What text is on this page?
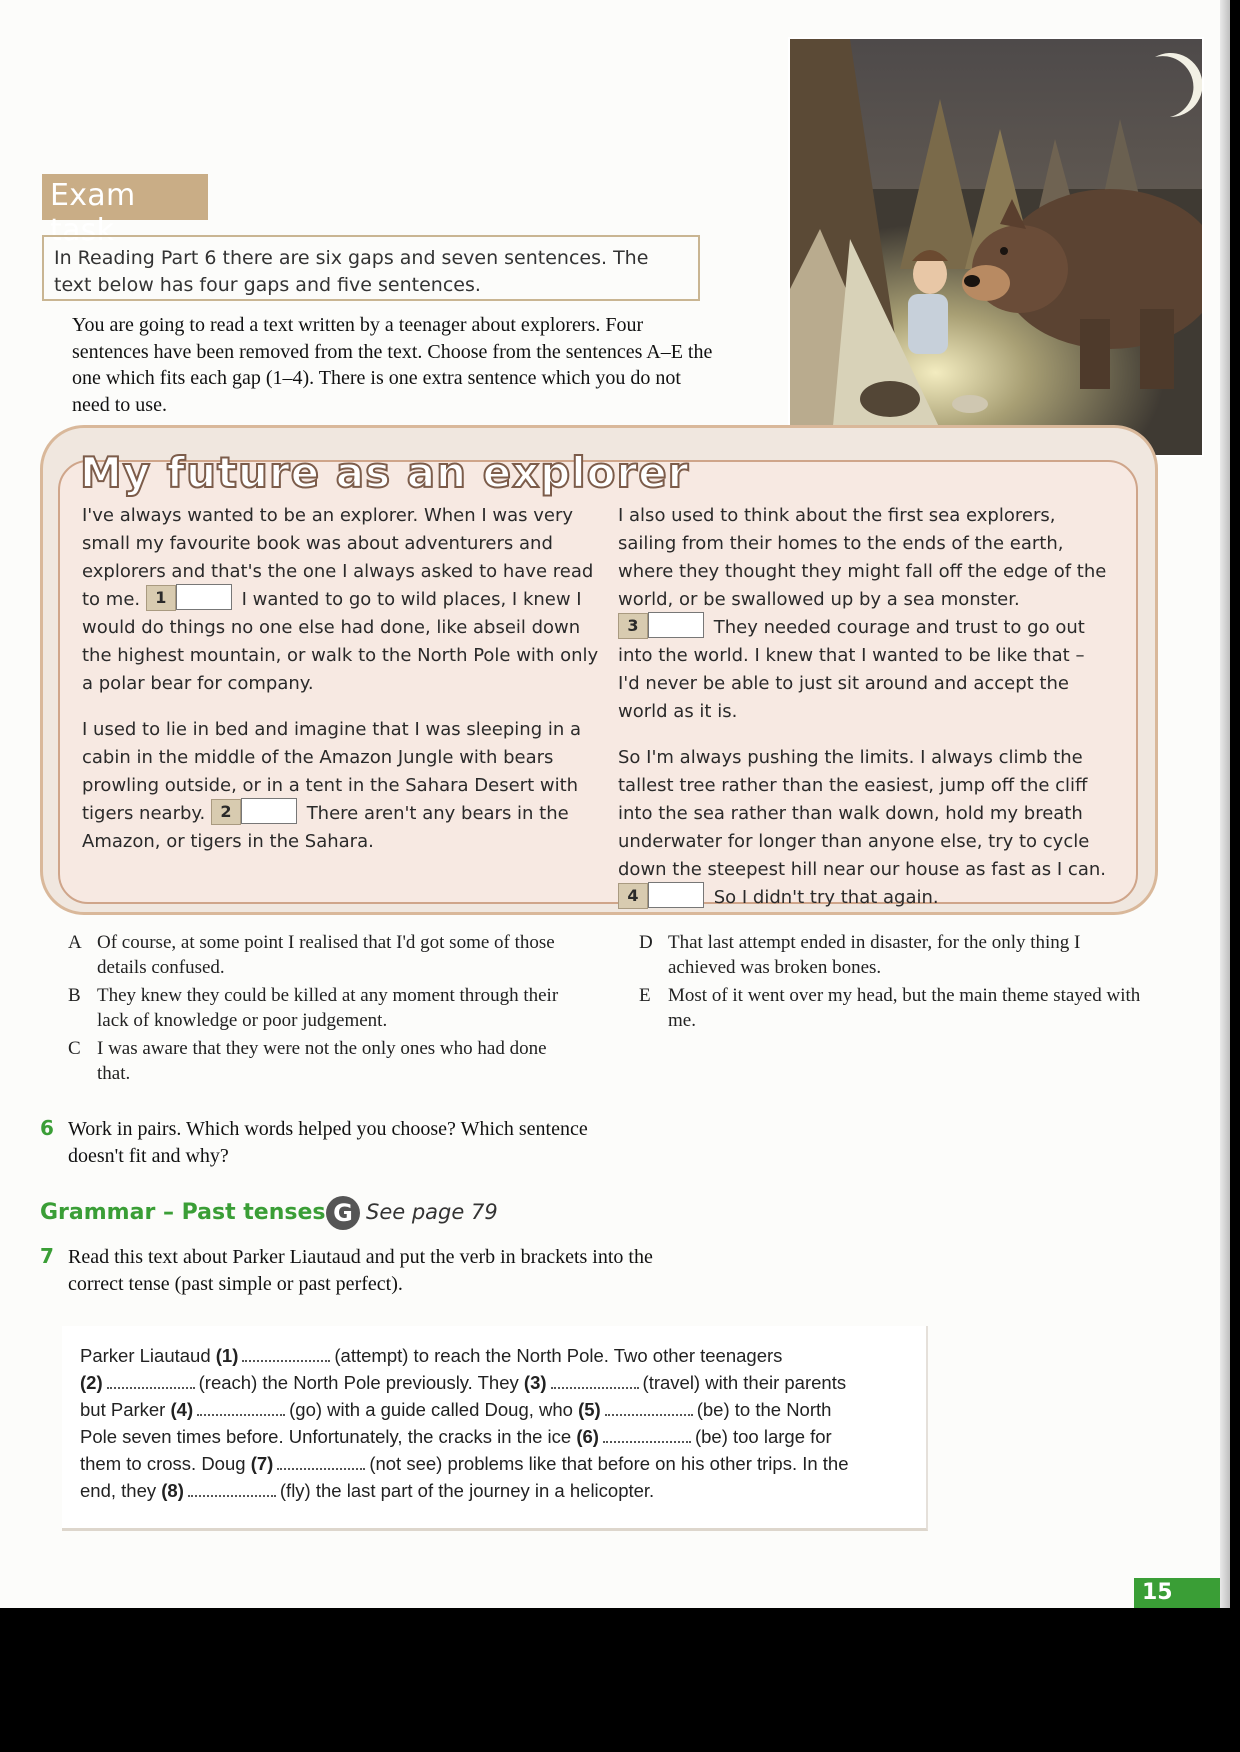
Exam task
In Reading Part 6 there are six gaps and seven sentences. The text below has four gaps and five sentences.
You are going to read a text written by a teenager about explorers. Four sentences have been removed from the text. Choose from the sentences A–E the one which fits each gap (1–4). There is one extra sentence which you do not need to use.
My future as an explorer

I've always wanted to be an explorer. When I was very small my favourite book was about adventurers and explorers and that's the one I always asked to have read to me. 1	I wanted to go to wild places, I knew I would do things no one else had done, like abseil down the highest mountain, or walk to the North Pole with only a polar bear for company.

I used to lie in bed and imagine that I was sleeping in a cabin in the middle of the Amazon Jungle with bears prowling outside, or in a tent in the Sahara Desert with tigers nearby. 2	There aren't any bears in the Amazon, or tigers in the Sahara.

I also used to think about the first sea explorers, sailing from their homes to the ends of the earth, where they thought they might fall off the edge of the world, or be swallowed up by a sea monster. 3	They needed courage and trust to go out into the world. I knew that I wanted to be like that – I'd never be able to just sit around and accept the world as it is.

So I'm always pushing the limits. I always climb the tallest tree rather than the easiest, jump off the cliff into the sea rather than walk down, hold my breath underwater for longer than anyone else, try to cycle down the steepest hill near our house as fast as I can. 4	So I didn't try that again.

A Of course, at some point I realised that I'd got some of those details confused.
B They knew they could be killed at any moment through their lack of knowledge or poor judgement.
C I was aware that they were not the only ones who had done that.
D That last attempt ended in disaster, for the only thing I achieved was broken bones.
E Most of it went over my head, but the main theme stayed with me.
6 Work in pairs. Which words helped you choose? Which sentence doesn't fit and why?
Grammar – Past tenses G See page 79
7 Read this text about Parker Liautaud and put the verb in brackets into the correct tense (past simple or past perfect).
Parker Liautaud (1)	(attempt) to reach the North Pole. Two other teenagers
(2)	(reach) the North Pole previously. They (3)	(travel) with their parents
but Parker (4)	(go) with a guide called Doug, who (5)	(be) to the North
Pole seven times before. Unfortunately, the cracks in the ice (6)	(be) too large for
them to cross. Doug (7)	(not see) problems like that before on his other trips. In the
end, they (8)	(fly) the last part of the journey in a helicopter.
15
